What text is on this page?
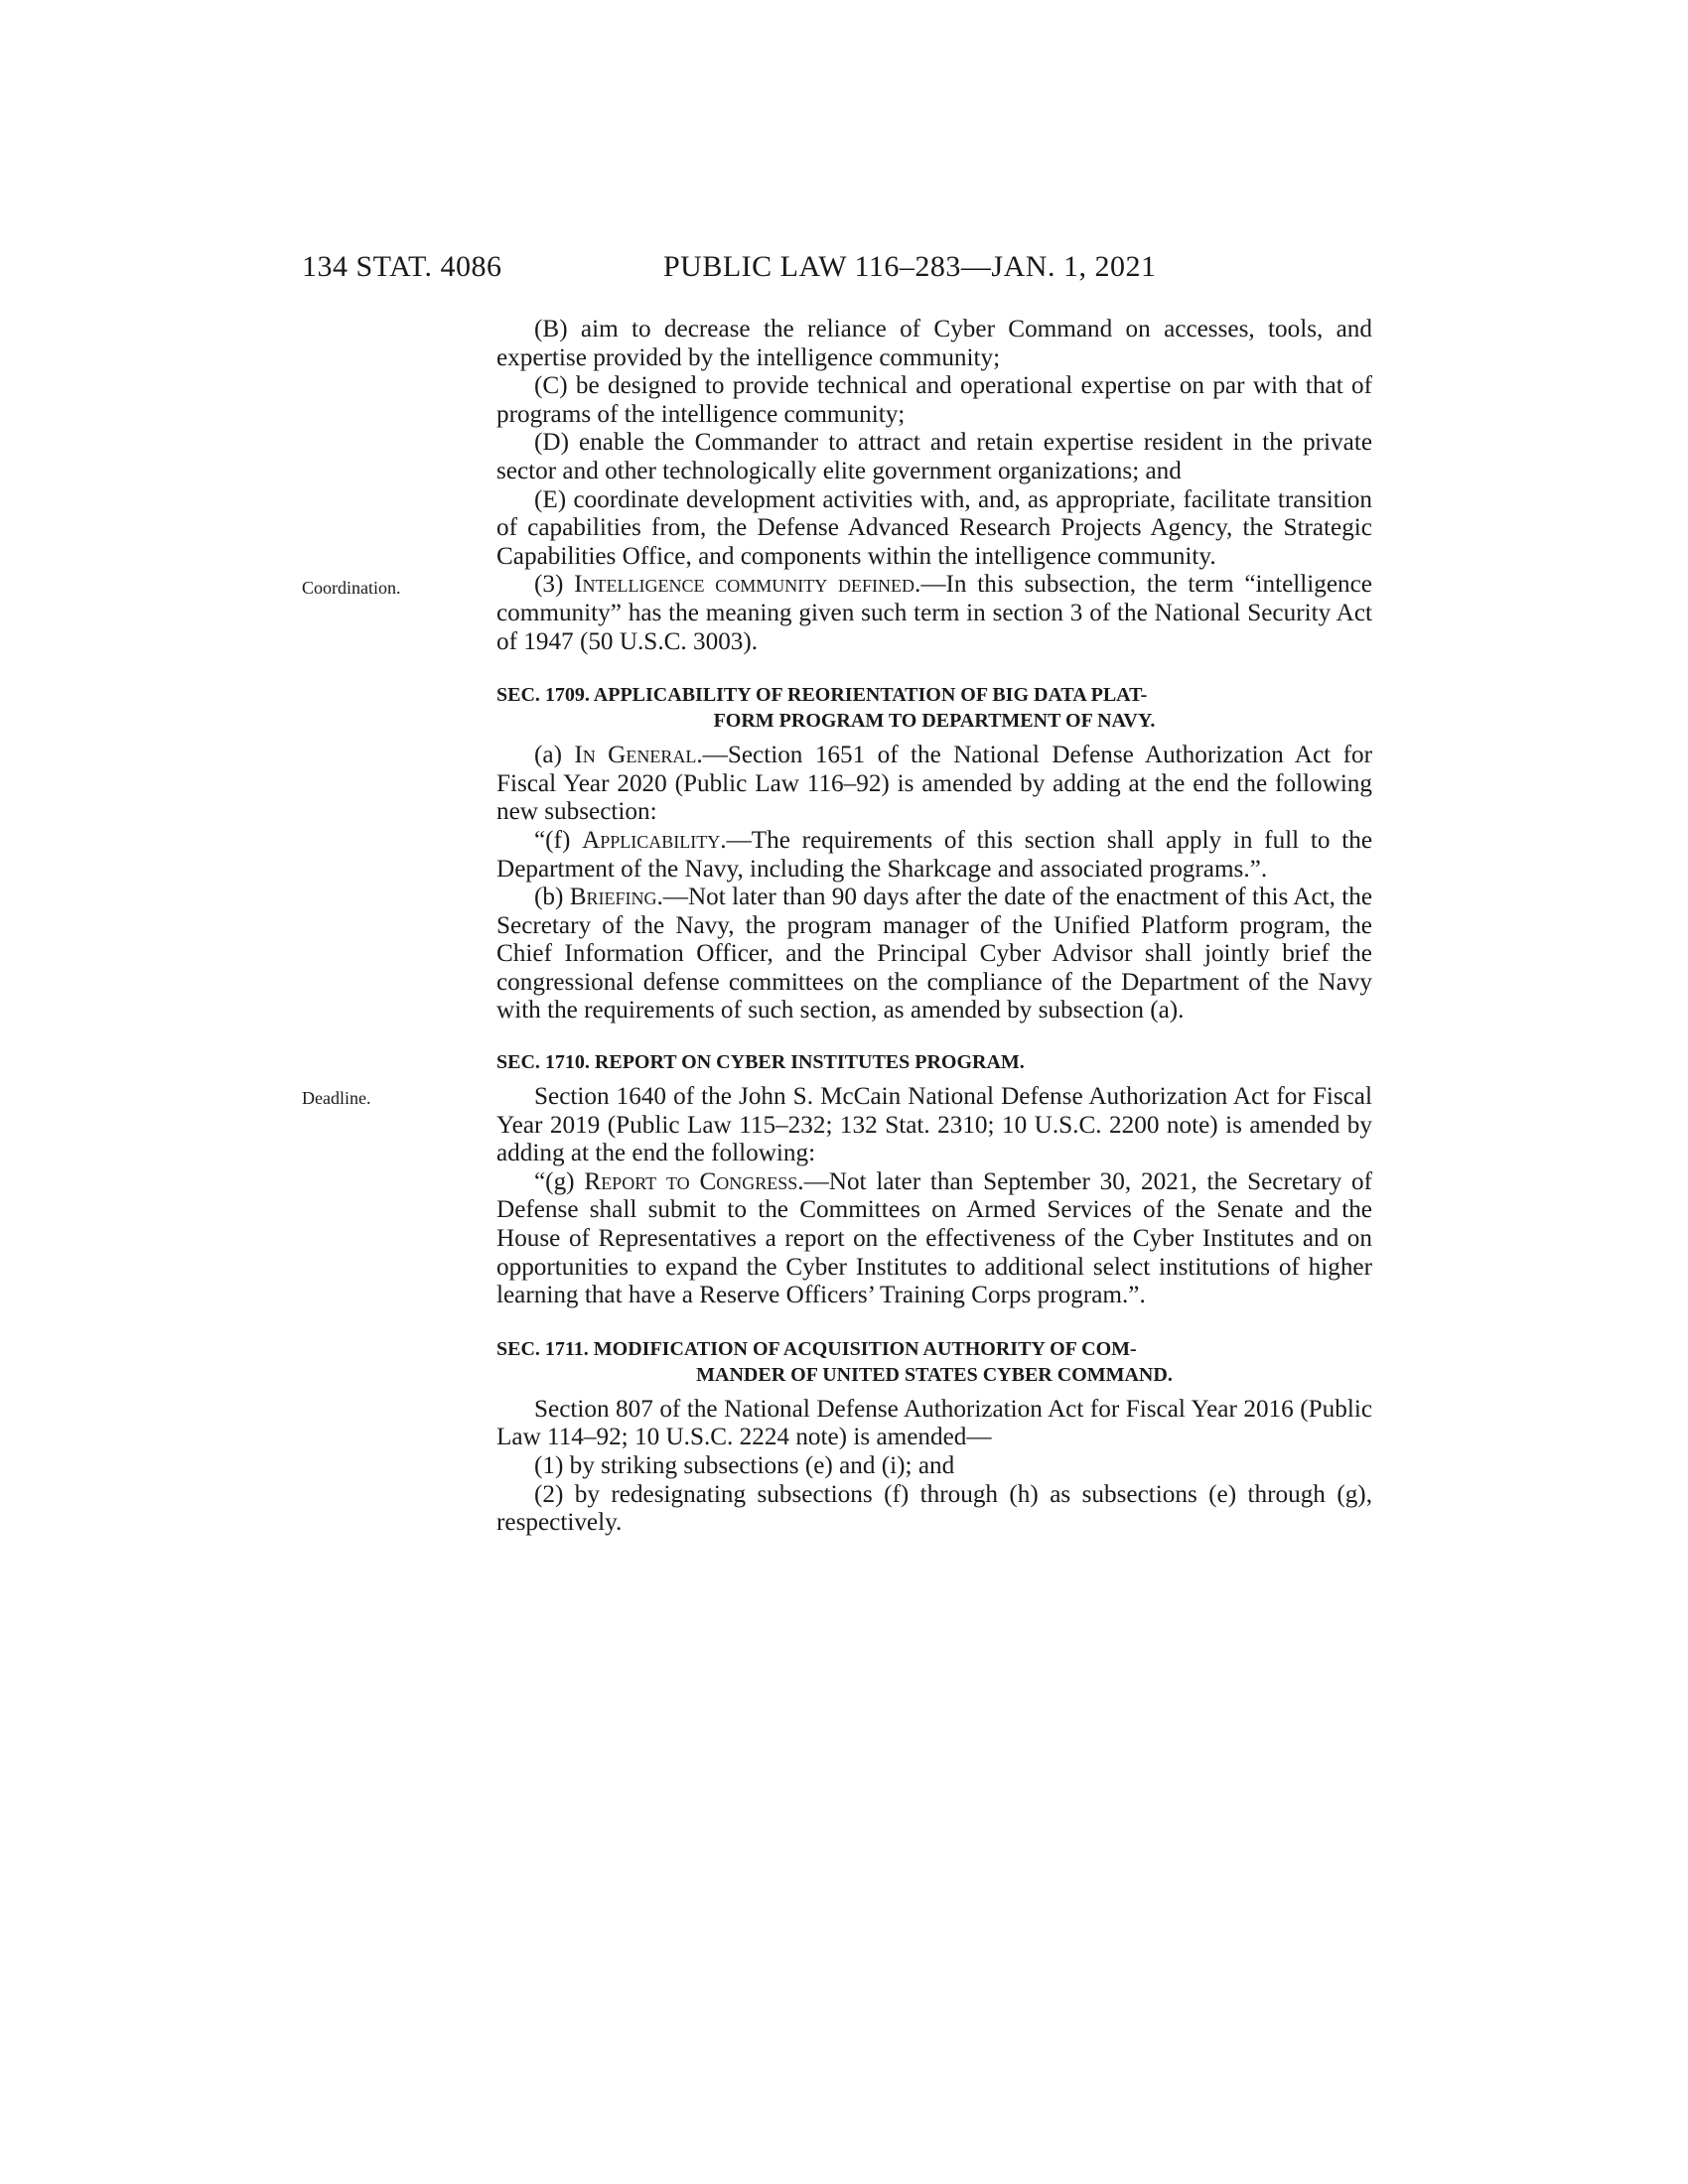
134 STAT. 4086	PUBLIC LAW 116–283—JAN. 1, 2021
Coordination.
Deadline.

(B) aim to decrease the reliance of Cyber Command on accesses, tools, and expertise provided by the intelligence community;

(C) be designed to provide technical and operational expertise on par with that of programs of the intelligence community;

(D) enable the Commander to attract and retain expertise resident in the private sector and other technologically elite government organizations; and

(E) coordinate development activities with, and, as appropriate, facilitate transition of capabilities from, the Defense Advanced Research Projects Agency, the Strategic Capabilities Office, and components within the intelligence community.

(3) Intelligence community defined.—In this subsection, the term “intelligence community” has the meaning given such term in section 3 of the National Security Act of 1947 (50 U.S.C. 3003).

SEC. 1709. APPLICABILITY OF REORIENTATION OF BIG DATA PLAT-
FORM PROGRAM TO DEPARTMENT OF NAVY.

(a) In General.—Section 1651 of the National Defense Authorization Act for Fiscal Year 2020 (Public Law 116–92) is amended by adding at the end the following new subsection:

“(f) Applicability.—The requirements of this section shall apply in full to the Department of the Navy, including the Sharkcage and associated programs.”.

(b) Briefing.—Not later than 90 days after the date of the enactment of this Act, the Secretary of the Navy, the program manager of the Unified Platform program, the Chief Information Officer, and the Principal Cyber Advisor shall jointly brief the congressional defense committees on the compliance of the Department of the Navy with the requirements of such section, as amended by subsection (a).

SEC. 1710. REPORT ON CYBER INSTITUTES PROGRAM.

Section 1640 of the John S. McCain National Defense Authorization Act for Fiscal Year 2019 (Public Law 115–232; 132 Stat. 2310; 10 U.S.C. 2200 note) is amended by adding at the end the following:

“(g) Report to Congress.—Not later than September 30, 2021, the Secretary of Defense shall submit to the Committees on Armed Services of the Senate and the House of Representatives a report on the effectiveness of the Cyber Institutes and on opportunities to expand the Cyber Institutes to additional select institutions of higher learning that have a Reserve Officers’ Training Corps program.”.

SEC. 1711. MODIFICATION OF ACQUISITION AUTHORITY OF COM-
MANDER OF UNITED STATES CYBER COMMAND.

Section 807 of the National Defense Authorization Act for Fiscal Year 2016 (Public Law 114–92; 10 U.S.C. 2224 note) is amended—

(1) by striking subsections (e) and (i); and

(2) by redesignating subsections (f) through (h) as subsections (e) through (g), respectively.
